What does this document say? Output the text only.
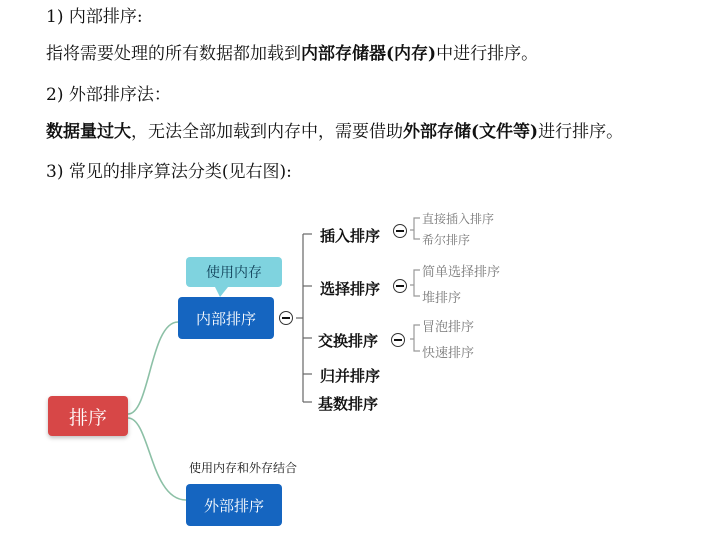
1) 内部排序:
指将需要处理的所有数据都加载到内部存储器(内存)中进行排序。
2) 外部排序法：
数据量过大，无法全部加载到内存中，需要借助外部存储(文件等)进行排序。
3) 常见的排序算法分类(见右图):
使用内存
内部排序
排序
使用内存和外存结合
外部排序
插入排序
选择排序
交换排序
归并排序
基数排序
直接插入排序
希尔排序
简单选择排序
堆排序
冒泡排序
快速排序
